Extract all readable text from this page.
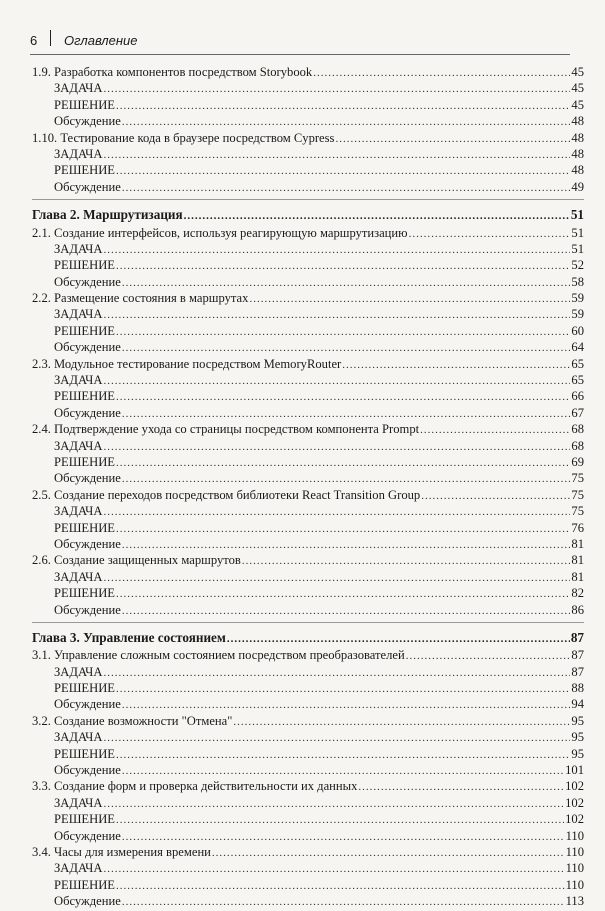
6 Оглавление
1.9. Разработка компонентов посредством Storybook .....	45
ЗАДАЧА .....	45
РЕШЕНИЕ .....	45
Обсуждение .....	48
1.10. Тестирование кода в браузере посредством Cypress .....	48
ЗАДАЧА .....	48
РЕШЕНИЕ .....	48
Обсуждение .....	49
Глава 2. Маршрутизация .....	51
2.1. Создание интерфейсов, используя реагирующую маршрутизацию .....	51
ЗАДАЧА .....	51
РЕШЕНИЕ .....	52
Обсуждение .....	58
2.2. Размещение состояния в маршрутах .....	59
ЗАДАЧА .....	59
РЕШЕНИЕ .....	60
Обсуждение .....	64
2.3. Модульное тестирование посредством MemoryRouter .....	65
ЗАДАЧА .....	65
РЕШЕНИЕ .....	66
Обсуждение .....	67
2.4. Подтверждение ухода со страницы посредством компонента Prompt .....	68
ЗАДАЧА .....	68
РЕШЕНИЕ .....	69
Обсуждение .....	75
2.5. Создание переходов посредством библиотеки React Transition Group .....	75
ЗАДАЧА .....	75
РЕШЕНИЕ .....	76
Обсуждение .....	81
2.6. Создание защищенных маршрутов .....	81
ЗАДАЧА .....	81
РЕШЕНИЕ .....	82
Обсуждение .....	86
Глава 3. Управление состоянием .....	87
3.1. Управление сложным состоянием посредством преобразователей .....	87
ЗАДАЧА .....	87
РЕШЕНИЕ .....	88
Обсуждение .....	94
3.2. Создание возможности "Отмена" .....	95
ЗАДАЧА .....	95
РЕШЕНИЕ .....	95
Обсуждение .....	101
3.3. Создание форм и проверка действительности их данных .....	102
ЗАДАЧА .....	102
РЕШЕНИЕ .....	102
Обсуждение .....	110
3.4. Часы для измерения времени .....	110
ЗАДАЧА .....	110
РЕШЕНИЕ .....	110
Обсуждение .....	113
